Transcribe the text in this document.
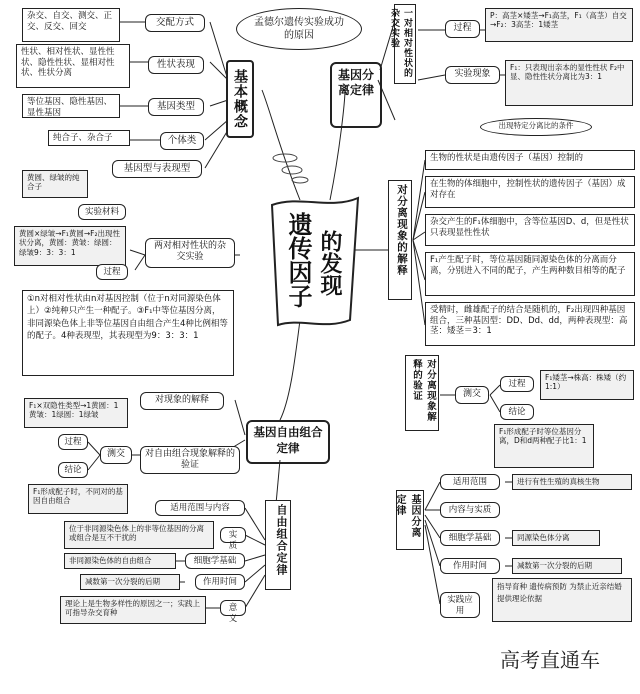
遗传因子 的发现
孟德尔遗传实验成功的原因
基本概念
杂交、自交、测交、正交、反交、回交	交配方式
性状、相对性状、显性性状、隐性性状、显相对性状、性状分离
性状表现
等位基因、隐性基因、显性基因
基因类型
纯合子、杂合子	个体类
基因型与表现型
基因分离定律
一对相对性状的杂交实验	过程
P：高茎×矮茎→F₁高茎，F₁（高茎）自交→F₂：3高茎：1矮茎
实验现象
F₁：只表现出亲本的显性性状 F₂中显、隐性性状分离比为3：1
出现特定分离比的条件
对分离现象的解释
生物的性状是由遗传因子（基因）控制的
在生物的体细胞中，控制性状的遗传因子（基因）成对存在
杂交产生的F₁体细胞中，含等位基因D、d，但是性状只表现显性性状
F₁产生配子时，等位基因随同源染色体的分离而分离，分别进入不同的配子，产生两种数目相等的配子
受精时，雌雄配子的结合是随机的，F₂出现四种基因组合，三种基因型：DD、Dd、dd，两种表现型：高茎：矮茎＝3：1
对分离现象解释的验证	测交
过程
F₁矮茎→株高：株矮（约1:1）
结论
F₁形成配子时等位基因分离，D和d两种配子比1：1
基因分离定律
适用范围	进行有性生殖的真核生物
内容与实质
细胞学基础	同源染色体分离
作用时间	减数第一次分裂的后期
实践应用
指导育种 遗传病预防 为禁止近亲结婚提供理论依据
两对相对性状的杂交实验
黄圆、绿皱的纯合子
实验材料
黄圆×绿皱→F₁黄圆→F₂出现性状分离，黄圆：黄皱：绿圆：绿皱9：3：3：1
过程
①n对相对性状由n对基因控制（位于n对同源染色体上）②纯种只产生一种配子。③F₁中等位基因分离，非同源染色体上非等位基因自由组合产生4种比例相等的配子。4种表现型，其表现型为9：3：3：1
对现象的解释
F₁×双隐性类型→1黄圆：1黄皱：1绿圆：1绿皱
过程
测交
结论
F₁形成配子时，不同对的基因自由组合
对自由组合现象解释的验证
基因自由组合定律
自由组合定律
适用范围与内容
实质
位于非同源染色体上的非等位基因的分离或组合是互不干扰的
细胞学基础
非同源染色体的自由组合
作用时间
减数第一次分裂的后期
意义
理论上是生物多样性的原因之一；实践上可指导杂交育种
高考直通车
